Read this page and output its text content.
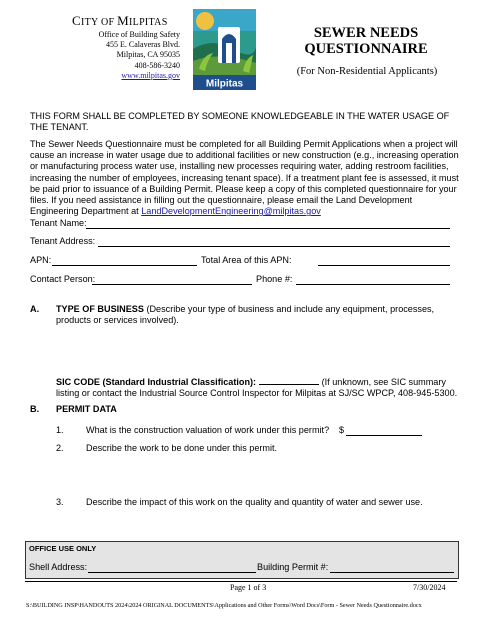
CITY OF MILPITAS
Office of Building Safety
455 E. Calaveras Blvd.
Milpitas, CA 95035
408-586-3240
www.milpitas.gov
Milpitas
SEWER NEEDS
QUESTIONNAIRE
(For Non-Residential Applicants)
THIS FORM SHALL BE COMPLETED BY SOMEONE KNOWLEDGEABLE IN THE WATER USAGE OF THE TENANT.
The Sewer Needs Questionnaire must be completed for all Building Permit Applications when a project will cause an increase in water usage due to additional facilities or new construction (e.g., increasing operation or manufacturing process water use, installing new processes requiring water, adding restroom facilities, increasing the number of employees, increasing tenant space). If a treatment plant fee is assessed, it must be paid prior to issuance of a Building Permit. Please keep a copy of this completed questionnaire for your files. If you need assistance in filling out the questionnaire, please email the Land Development Engineering Department at LandDevelopmentEngineering@milpitas.gov
Tenant Name:
Tenant Address:
APN:	Total Area of this APN:
Contact Person:	Phone #:
A. TYPE OF BUSINESS (Describe your type of business and include any equipment, processes, products or services involved).
SIC CODE (Standard Industrial Classification):	(If unknown, see SIC summary listing or contact the Industrial Source Control Inspector for Milpitas at SJ/SC WPCP, 408-945-5300.
B. PERMIT DATA
1. What is the construction valuation of work under this permit? $
2. Describe the work to be done under this permit.
3. Describe the impact of this work on the quality and quantity of water and sewer use.
OFFICE USE ONLY
Shell Address:	Building Permit #:
Page 1 of 3	7/30/2024
S:\BUILDING INSP\HANDOUTS 2024\2024 ORIGINAL DOCUMENTS\Applications and Other Forms\Word Docs\Form - Sewer Needs Questionnaire.docx
